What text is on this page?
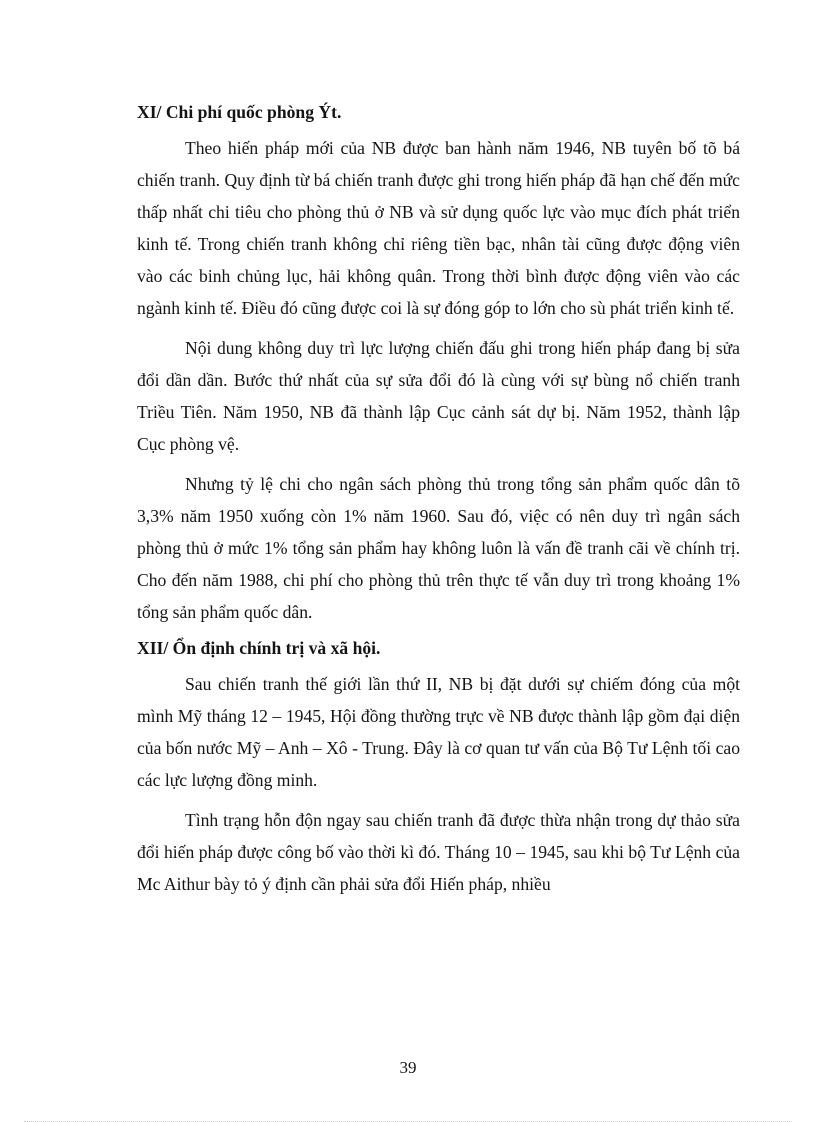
XI/ Chi phí quốc phòng Ýt.

Theo hiến pháp mới của NB được ban hành năm 1946, NB tuyên bố tõ bá chiến tranh. Quy định từ bá chiến tranh được ghi trong hiến pháp đã hạn chế đến mức thấp nhất chi tiêu cho phòng thủ ở NB và sử dụng quốc lực vào mục đích phát triển kinh tế. Trong chiến tranh không chỉ riêng tiền bạc, nhân tài cũng được động viên vào các binh chủng lục, hải không quân. Trong thời bình được động viên vào các ngành kinh tế. Điều đó cũng được coi là sự đóng góp to lớn cho sù phát triển kinh tế.

Nội dung không duy trì lực lượng chiến đấu ghi trong hiến pháp đang bị sửa đổi dần dần. Bước thứ nhất của sự sửa đổi đó là cùng với sự bùng nổ chiến tranh Triều Tiên. Năm 1950, NB đã thành lập Cục cảnh sát dự bị. Năm 1952, thành lập Cục phòng vệ.

Nhưng tỷ lệ chi cho ngân sách phòng thủ trong tổng sản phẩm quốc dân tõ 3,3% năm 1950 xuống còn 1% năm 1960. Sau đó, việc có nên duy trì ngân sách phòng thủ ở mức 1% tổng sản phẩm hay không luôn là vấn đề tranh cãi về chính trị. Cho đến năm 1988, chi phí cho phòng thủ trên thực tế vẫn duy trì trong khoảng 1% tổng sản phẩm quốc dân.

XII/ Ổn định chính trị và xã hội.

Sau chiến tranh thế giới lần thứ II, NB bị đặt dưới sự chiếm đóng của một mình Mỹ tháng 12 – 1945, Hội đồng thường trực về NB được thành lập gồm đại diện của bốn nước Mỹ – Anh – Xô - Trung. Đây là cơ quan tư vấn của Bộ Tư Lệnh tối cao các lực lượng đồng minh.

Tình trạng hỗn độn ngay sau chiến tranh đã được thừa nhận trong dự thảo sửa đổi hiến pháp được công bố vào thời kì đó. Tháng 10 – 1945, sau khi bộ Tư Lệnh của Mc Aithur bày tỏ ý định cần phải sửa đổi Hiến pháp, nhiều

39
